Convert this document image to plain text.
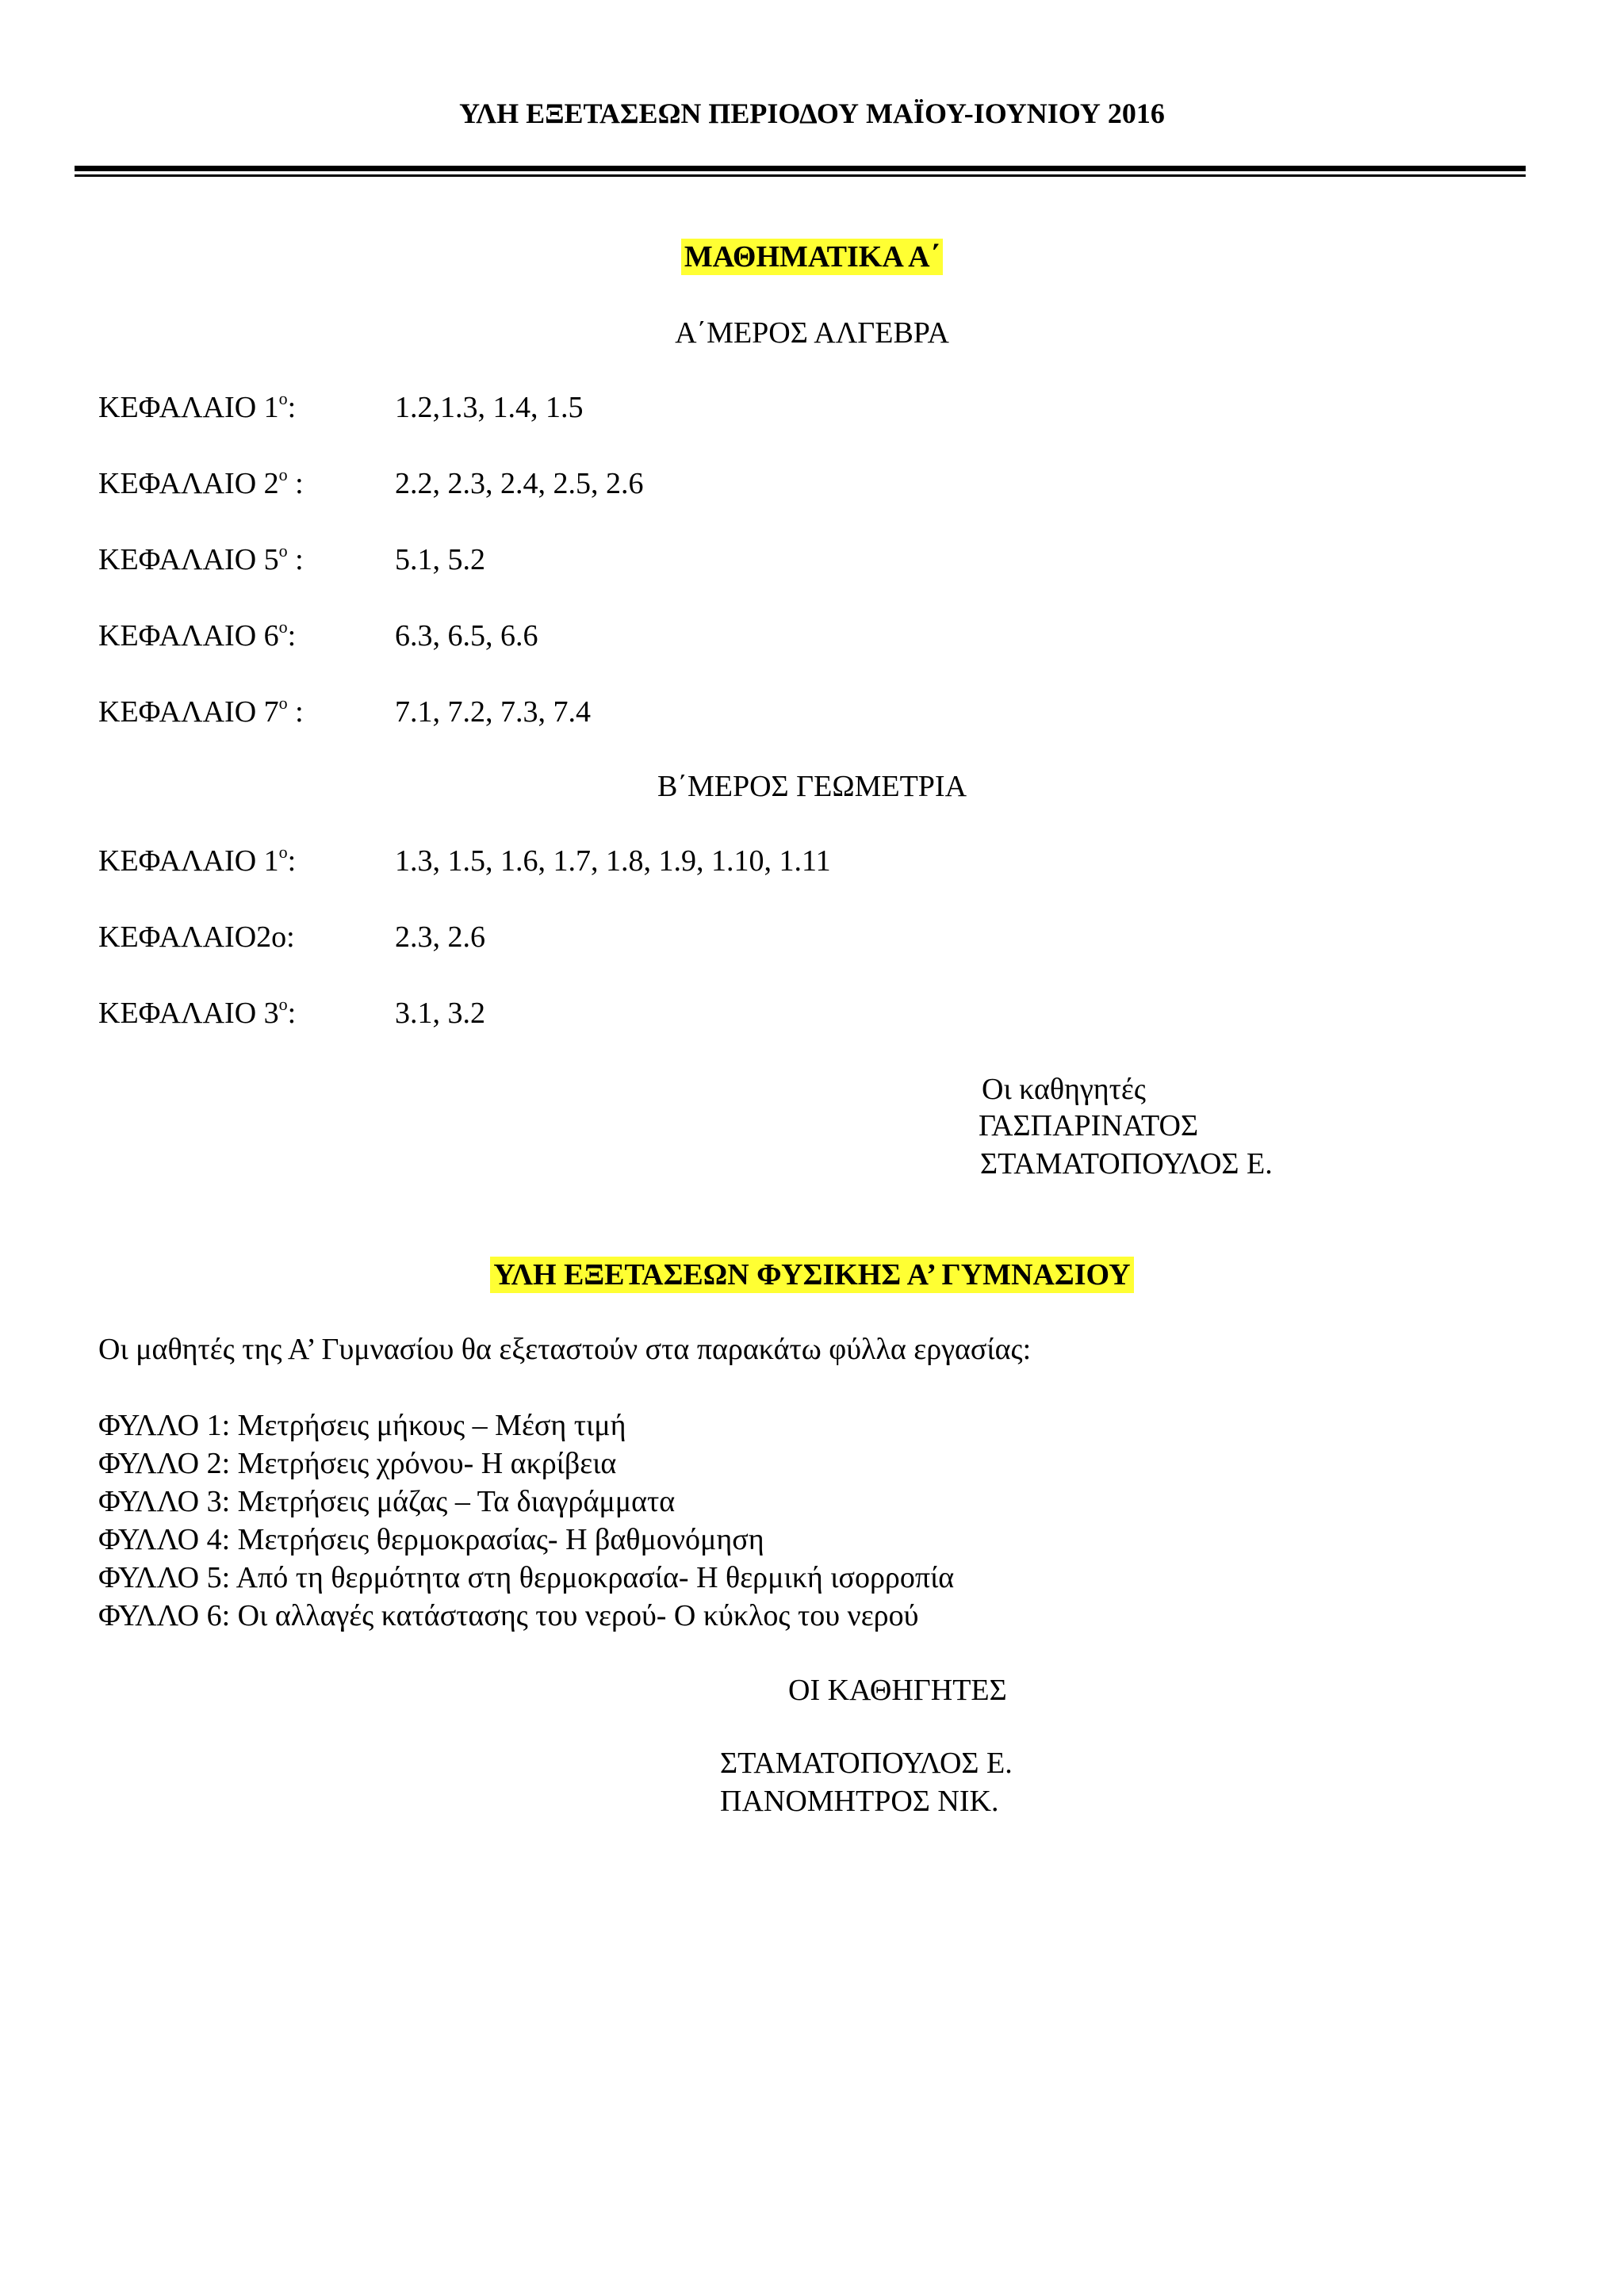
ΥΛΗ ΕΞΕΤΑΣΕΩΝ ΠΕΡΙΟΔΟΥ ΜΑΪΟΥ-ΙΟΥΝΙΟΥ 2016
ΜΑΘΗΜΑΤΙΚΑ Α΄
Α΄ΜΕΡΟΣ ΑΛΓΕΒΡΑ
ΚΕΦΑΛΑΙΟ $1^o$:	1.2,1.3, 1.4, 1.5
ΚΕΦΑΛΑΙΟ $2^o$ :	2.2, 2.3, 2.4, 2.5, 2.6
ΚΕΦΑΛΑΙΟ $5^o$ :	5.1, 5.2
ΚΕΦΑΛΑΙΟ $6^o$:	6.3, 6.5, 6.6
ΚΕΦΑΛΑΙΟ $7^o$ :	7.1, 7.2, 7.3, 7.4
Β΄ΜΕΡΟΣ ΓΕΩΜΕΤΡΙΑ
ΚΕΦΑΛΑΙΟ $1^o$:	1.3, 1.5, 1.6, 1.7, 1.8, 1.9, 1.10, 1.11
ΚΕΦΑΛΑΙΟ2ο:	2.3, 2.6
ΚΕΦΑΛΑΙΟ $3^o$:	3.1, 3.2
Οι καθηγητές
ΓΑΣΠΑΡΙΝΑΤΟΣ
ΣΤΑΜΑΤΟΠΟΥΛΟΣ Ε.
ΥΛΗ ΕΞΕΤΑΣΕΩΝ ΦΥΣΙΚΗΣ Α’ ΓΥΜΝΑΣΙΟΥ
Οι μαθητές της Α’ Γυμνασίου θα εξεταστούν στα παρακάτω φύλλα εργασίας:
ΦΥΛΛΟ 1: Μετρήσεις μήκους – Μέση τιμή
ΦΥΛΛΟ 2: Μετρήσεις χρόνου- Η ακρίβεια
ΦΥΛΛΟ 3: Μετρήσεις μάζας – Τα διαγράμματα
ΦΥΛΛΟ 4: Μετρήσεις θερμοκρασίας- Η βαθμονόμηση
ΦΥΛΛΟ 5: Από τη θερμότητα στη θερμοκρασία- Η θερμική ισορροπία
ΦΥΛΛΟ 6: Οι αλλαγές κατάστασης του νερού- Ο κύκλος του νερού
ΟΙ ΚΑΘΗΓΗΤΕΣ
ΣΤΑΜΑΤΟΠΟΥΛΟΣ Ε.
ΠΑΝΟΜΗΤΡΟΣ ΝΙΚ.
